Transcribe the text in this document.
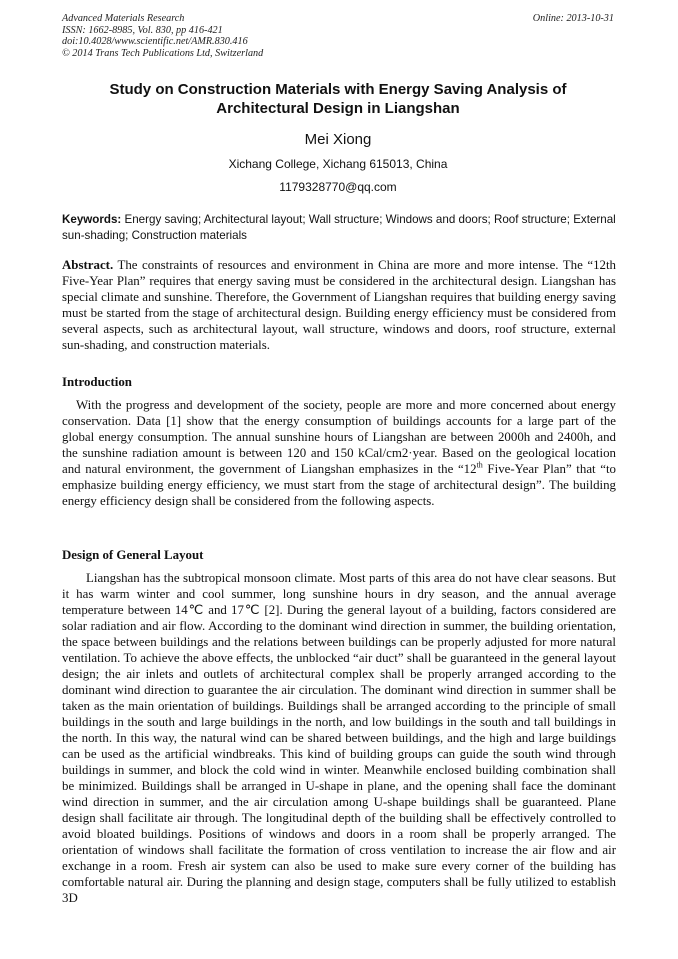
Advanced Materials Research
ISSN: 1662-8985, Vol. 830, pp 416-421
doi:10.4028/www.scientific.net/AMR.830.416
© 2014 Trans Tech Publications Ltd, Switzerland
Online: 2013-10-31
Study on Construction Materials with Energy Saving Analysis of
Architectural Design in Liangshan
Mei Xiong
Xichang College, Xichang 615013, China
1179328770@qq.com
Keywords: Energy saving; Architectural layout; Wall structure; Windows and doors; Roof structure; External sun-shading; Construction materials
Abstract. The constraints of resources and environment in China are more and more intense. The “12th Five-Year Plan” requires that energy saving must be considered in the architectural design. Liangshan has special climate and sunshine. Therefore, the Government of Liangshan requires that building energy saving must be started from the stage of architectural design. Building energy efficiency must be considered from several aspects, such as architectural layout, wall structure, windows and doors, roof structure, external sun-shading, and construction materials.
Introduction
With the progress and development of the society, people are more and more concerned about energy conservation. Data [1] show that the energy consumption of buildings accounts for a large part of the global energy consumption. The annual sunshine hours of Liangshan are between 2000h and 2400h, and the sunshine radiation amount is between 120 and 150 kCal/cm2·year. Based on the geological location and natural environment, the government of Liangshan emphasizes in the “12th Five-Year Plan” that “to emphasize building energy efficiency, we must start from the stage of architectural design”. The building energy efficiency design shall be considered from the following aspects.
Design of General Layout
Liangshan has the subtropical monsoon climate. Most parts of this area do not have clear seasons. But it has warm winter and cool summer, long sunshine hours in dry season, and the annual average temperature between 14℃ and 17℃ [2]. During the general layout of a building, factors considered are solar radiation and air flow. According to the dominant wind direction in summer, the building orientation, the space between buildings and the relations between buildings can be properly adjusted for more natural ventilation. To achieve the above effects, the unblocked “air duct” shall be guaranteed in the general layout design; the air inlets and outlets of architectural complex shall be properly arranged according to the dominant wind direction to guarantee the air circulation. The dominant wind direction in summer shall be taken as the main orientation of buildings. Buildings shall be arranged according to the principle of small buildings in the south and large buildings in the north, and low buildings in the south and tall buildings in the north. In this way, the natural wind can be shared between buildings, and the high and large buildings can be used as the artificial windbreaks. This kind of building groups can guide the south wind through buildings in summer, and block the cold wind in winter. Meanwhile enclosed building combination shall be minimized. Buildings shall be arranged in U-shape in plane, and the opening shall face the dominant wind direction in summer, and the air circulation among U-shape buildings shall be guaranteed. Plane design shall facilitate air through. The longitudinal depth of the building shall be effectively controlled to avoid bloated buildings. Positions of windows and doors in a room shall be properly arranged. The orientation of windows shall facilitate the formation of cross ventilation to increase the air flow and air exchange in a room. Fresh air system can also be used to make sure every corner of the building has comfortable natural air. During the planning and design stage, computers shall be fully utilized to establish 3D
